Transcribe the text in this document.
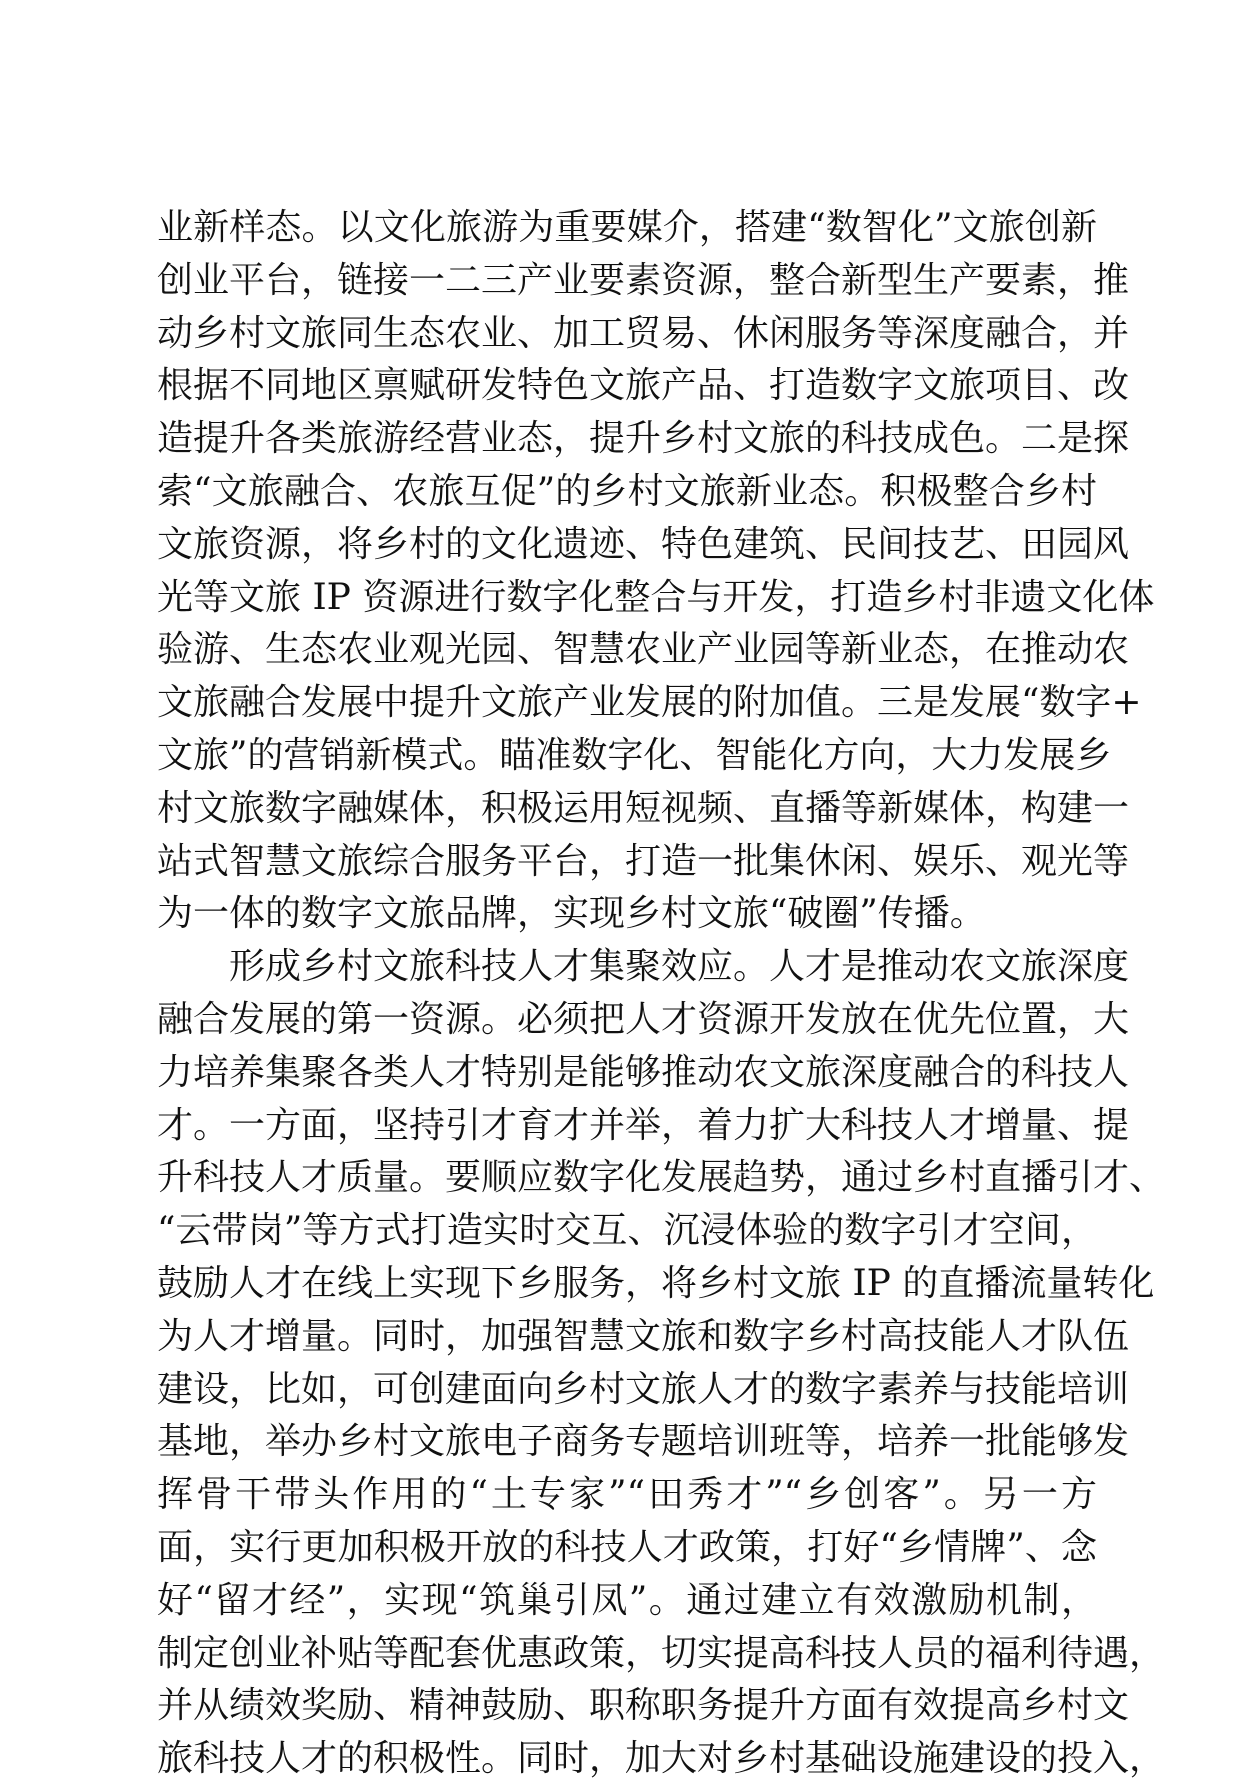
业新样态。以文化旅游为重要媒介，搭建“数智化”文旅创新
创业平台，链接一二三产业要素资源，整合新型生产要素，推
动乡村文旅同生态农业、加工贸易、休闲服务等深度融合，并
根据不同地区禀赋研发特色文旅产品、打造数字文旅项目、改
造提升各类旅游经营业态，提升乡村文旅的科技成色。二是探
索“文旅融合、农旅互促”的乡村文旅新业态。积极整合乡村
文旅资源，将乡村的文化遗迹、特色建筑、民间技艺、田园风
光等文旅 IP 资源进行数字化整合与开发，打造乡村非遗文化体
验游、生态农业观光园、智慧农业产业园等新业态，在推动农
文旅融合发展中提升文旅产业发展的附加值。三是发展“数字+
文旅”的营销新模式。瞄准数字化、智能化方向，大力发展乡
村文旅数字融媒体，积极运用短视频、直播等新媒体，构建一
站式智慧文旅综合服务平台，打造一批集休闲、娱乐、观光等
为一体的数字文旅品牌，实现乡村文旅“破圈”传播。
　　形成乡村文旅科技人才集聚效应。人才是推动农文旅深度
融合发展的第一资源。必须把人才资源开发放在优先位置，大
力培养集聚各类人才特别是能够推动农文旅深度融合的科技人
才。一方面，坚持引才育才并举，着力扩大科技人才增量、提
升科技人才质量。要顺应数字化发展趋势，通过乡村直播引才、
“云带岗”等方式打造实时交互、沉浸体验的数字引才空间，
鼓励人才在线上实现下乡服务，将乡村文旅 IP 的直播流量转化
为人才增量。同时，加强智慧文旅和数字乡村高技能人才队伍
建设，比如，可创建面向乡村文旅人才的数字素养与技能培训
基地，举办乡村文旅电子商务专题培训班等，培养一批能够发
挥骨干带头作用的“土专家”“田秀才”“乡创客”。另一方
面，实行更加积极开放的科技人才政策，打好“乡情牌”、念
好“留才经”，实现“筑巢引凤”。通过建立有效激励机制，
制定创业补贴等配套优惠政策，切实提高科技人员的福利待遇，
并从绩效奖励、精神鼓励、职称职务提升方面有效提高乡村文
旅科技人才的积极性。同时，加大对乡村基础设施建设的投入，
